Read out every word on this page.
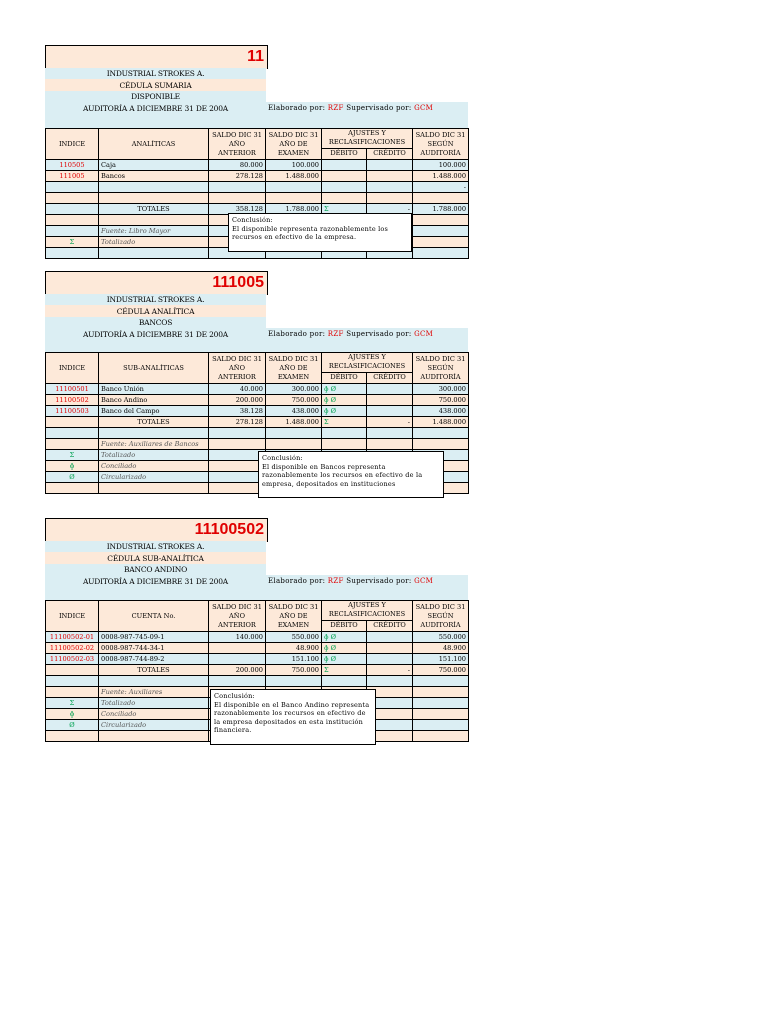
11
INDUSTRIAL STROKES A.
CÉDULA SUMARIA
DISPONIBLE
AUDITORÍA A DICIEMBRE 31 DE 200A	Elaborado por: RZF Supervisado por: GCM
INDICE	ANALÍTICAS	SALDO DIC 31 AÑO ANTERIOR	SALDO DIC 31 AÑO DE EXAMEN	AJUSTES Y RECLASIFICACIONES		SALDO DIC 31 SEGÚN AUDITORÍA
				DÉBITO	CRÉDITO	
110505	Caja	80.000	100.000			100.000
111005	Bancos	278.128	1.488.000			1.488.000
						-

	TOTALES	358.128	1.788.000	Σ	-	1.788.000

	Fuente: Libro Mayor					
Σ	Totalizado					

Conclusión:
El disponible representa razonablemente los recursos en efectivo de la empresa.
111005
INDUSTRIAL STROKES A.
CÉDULA ANALÍTICA
BANCOS
AUDITORÍA A DICIEMBRE 31 DE 200A	Elaborado por: RZF Supervisado por: GCM
INDICE	SUB-ANALÍTICAS	SALDO DIC 31 AÑO ANTERIOR	SALDO DIC 31 AÑO DE EXAMEN	AJUSTES Y RECLASIFICACIONES		SALDO DIC 31 SEGÚN AUDITORÍA
				DÉBITO	CRÉDITO	
11100501	Banco Unión	40.000	300.000	ɸ Ø		300.000
11100502	Banco Andino	200.000	750.000	ɸ Ø		750.000
11100503	Banco del Campo	38.128	438.000	ɸ Ø		438.000
	TOTALES	278.128	1.488.000	Σ	-	1.488.000

	Fuente: Auxiliares de Bancos					
Σ	Totalizado					
ɸ	Conciliado					
Ø	Circularizado					

Conclusión:
El disponible en Bancos representa razonablemente los recursos en efectivo de la empresa, depositados en instituciones
11100502
INDUSTRIAL STROKES A.
CÉDULA SUB-ANALÍTICA
BANCO ANDINO
AUDITORÍA A DICIEMBRE 31 DE 200A	Elaborado por: RZF Supervisado por: GCM
INDICE	CUENTA No.	SALDO DIC 31 AÑO ANTERIOR	SALDO DIC 31 AÑO DE EXAMEN	AJUSTES Y RECLASIFICACIONES		SALDO DIC 31 SEGÚN AUDITORÍA
				DÉBITO	CRÉDITO	
11100502-01	0008-987-745-09-1	140.000	550.000	ɸ Ø		550.000
11100502-02	0008-987-744-34-1		48.900	ɸ Ø		48.900
11100502-03	0008-987-744-89-2		151.100	ɸ Ø		151.100
	TOTALES	200.000	750.000	Σ	-	750.000

	Fuente: Auxiliares					
Σ	Totalizado					
ɸ	Conciliado					
Ø	Circularizado					

Conclusión:
El disponible en el Banco Andino representa razonablemente los recursos en efectivo de la empresa depositados en esta institución financiera.
